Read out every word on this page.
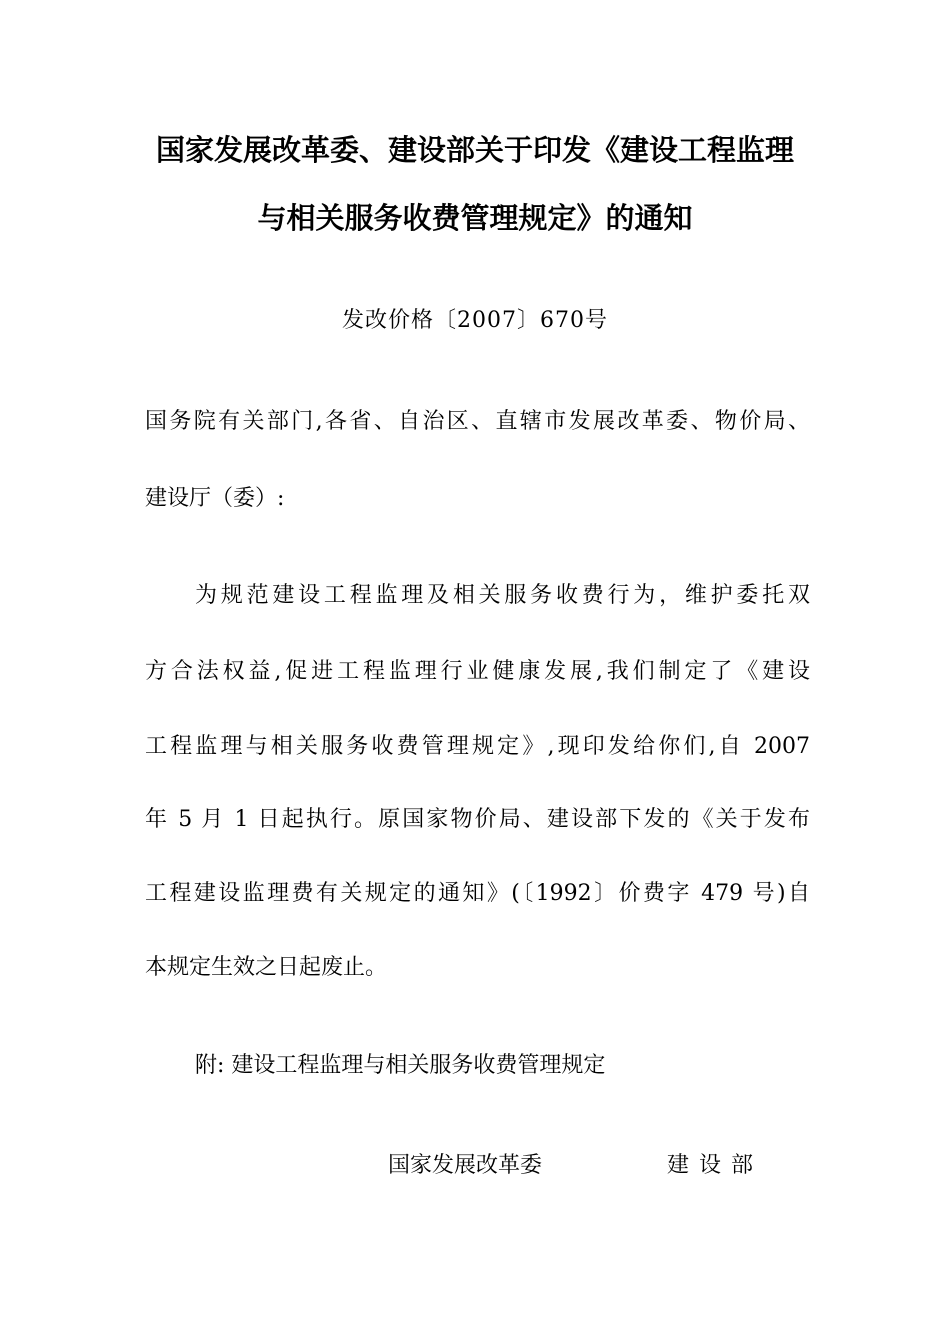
国家发展改革委、建设部关于印发《建设工程监理
与相关服务收费管理规定》的通知
发改价格〔2007〕670号
国务院有关部门,各省、自治区、直辖市发展改革委、物价局、
建设厅（委）:
为规范建设工程监理及相关服务收费行为，维护委托双
方合法权益,促进工程监理行业健康发展,我们制定了《建设
工程监理与相关服务收费管理规定》,现印发给你们,自 2007
年 5 月 1 日起执行。原国家物价局、建设部下发的《关于发布
工程建设监理费有关规定的通知》(〔1992〕价费字 479 号)自
本规定生效之日起废止。
附: 建设工程监理与相关服务收费管理规定
国家发展改革委	建设部
